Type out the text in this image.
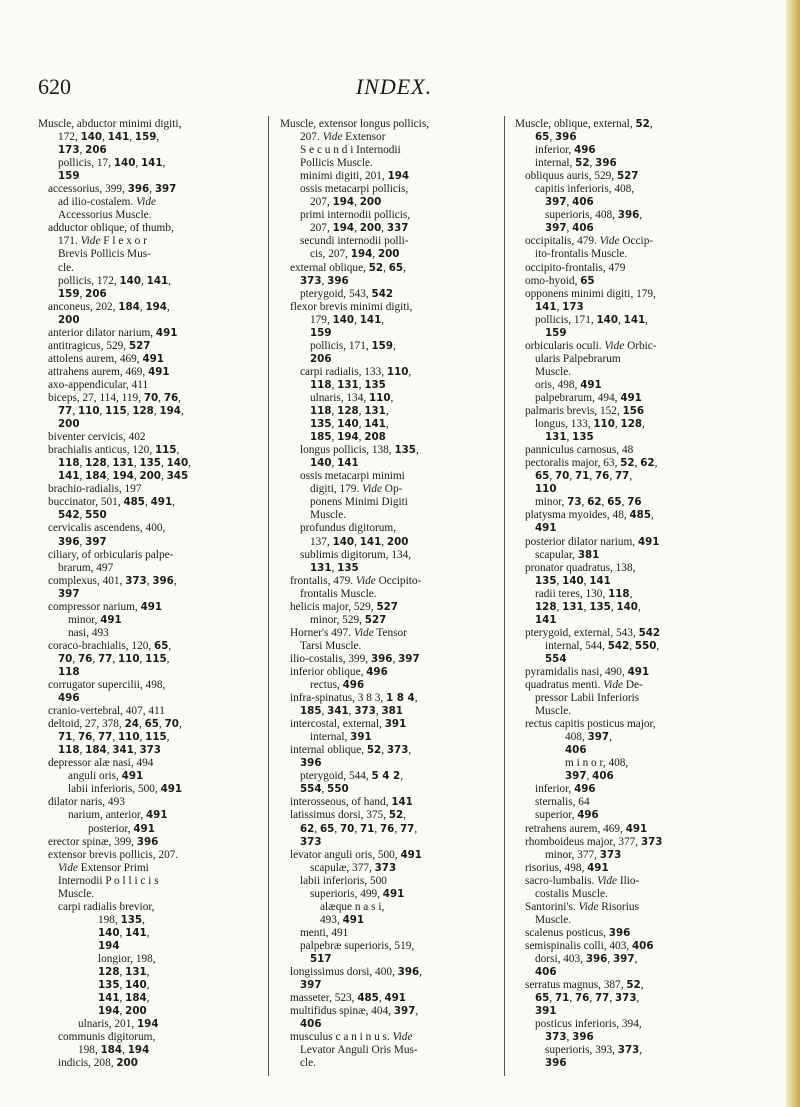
620	INDEX.
Muscle, abductor minimi digiti,
172, 140, 141, 159,
173, 206
pollicis, 17, 140, 141,
159
accessorius, 399, 396, 397
ad ilio-costalem. Vide
Accessorius Muscle.
adductor obliquе, of thumb,
171. Vide F l e x o r
Brevis Pollicis Mus-
cle.
pollicis, 172, 140, 141,
159, 206
anconeus, 202, 184, 194,
200
anterior dilator narium, 491
antitragicus, 529, 527
attolens aurem, 469, 491
attrahens aurem, 469, 491
axo-appendicular, 411
biceps, 27, 114, 119, 70, 76,
77, 110, 115, 128, 194,
200
biventer cervicis, 402
brachialis anticus, 120, 115,
118, 128, 131, 135, 140,
141, 184, 194, 200, 345
brachio-radialis, 197
buccinator, 501, 485, 491,
542, 550
cervicalis ascendens, 400,
396, 397
ciliary, of orbicularis palpe-
brarum, 497
complexus, 401, 373, 396,
397
compressor narium, 491
minor, 491
nasi, 493
coraco-brachialis, 120, 65,
70, 76, 77, 110, 115,
118
corrugator supercilii, 498,
496
cranio-vertebral, 407, 411
deltoid, 27, 378, 24, 65, 70,
71, 76, 77, 110, 115,
118, 184, 341, 373
depressor alæ nasi, 494
anguli oris, 491
labii inferioris, 500, 491
dilator naris, 493
narium, anterior, 491
posterior, 491
erector spinæ, 399, 396
extensor brevis pollicis, 207.
Vide Extensor Primi
Internodii P o l l i c i s
Muscle.
carpi radialis brevior,
198, 135,
140, 141,
194
longior, 198,
128, 131,
135, 140,
141, 184,
194, 200
ulnaris, 201, 194
communis digitorum,
198, 184, 194
indicis, 208, 200
Muscle, extensor longus pollicis,
207. Vide Extensor
S e c u n d i Internodii
Pollicis Muscle.
minimi digiti, 201, 194
ossis metacarpi pollicis,
207, 194, 200
primi internodii pollicis,
207, 194, 200, 337
secundi internodii polli-
cis, 207, 194, 200
external oblique, 52, 65,
373, 396
pterygoid, 543, 542
flexor brevis minimi digiti,
179, 140, 141,
159
pollicis, 171, 159,
206
carpi radialis, 133, 110,
118, 131, 135
ulnaris, 134, 110,
118, 128, 131,
135, 140, 141,
185, 194, 208
longus pollicis, 138, 135,
140, 141
ossis metacarpi minimi
digiti, 179. Vide Op-
ponens Minimi Digiti
Muscle.
profundus digitorum,
137, 140, 141, 200
sublimis digitorum, 134,
131, 135
frontalis, 479. Vide Occipito-
frontalis Muscle.
helicis major, 529, 527
minor, 529, 527
Horner's 497. Vide Tensor
Tarsi Muscle.
ilio-costalis, 399, 396, 397
inferior oblique, 496
rectus, 496
infra-spinatus, 3 8 3, 1 8 4,
185, 341, 373, 381
intercostal, external, 391
internal, 391
internal oblique, 52, 373,
396
pterygoid, 544, 5 4 2,
554, 550
interosseous, of hand, 141
latissimus dorsi, 375, 52,
62, 65, 70, 71, 76, 77,
373
levator anguli oris, 500, 491
scapulæ, 377, 373
labii inferioris, 500
superioris, 499, 491
alæque n a s i,
493, 491
menti, 491
palpebræ superioris, 519,
517
longissimus dorsi, 400, 396,
397
masseter, 523, 485, 491
multifidus spinæ, 404, 397,
406
musculus c a n i n u s. Vide
Levator Anguli Oris Mus-
cle.
Muscle, oblique, external, 52,
65, 396
inferior, 496
internal, 52, 396
obliquus auris, 529, 527
capitis inferioris, 408,
397, 406
superioris, 408, 396,
397, 406
occipitalis, 479. Vide Occip-
ito-frontalis Muscle.
occipito-frontalis, 479
omo-hyoid, 65
opponens minimi digiti, 179,
141, 173
pollicis, 171, 140, 141,
159
orbicularis oculi. Vide Orbic-
ularis Palpebrarum
Muscle.
oris, 498, 491
palpebrarum, 494, 491
palmaris brevis, 152, 156
longus, 133, 110, 128,
131, 135
panniculus carnosus, 48
pectoralis major, 63, 52, 62,
65, 70, 71, 76, 77,
110
minor, 73, 62, 65, 76
platysma myoides, 48, 485,
491
posterior dilator narium, 491
scapular, 381
pronator quadratus, 138,
135, 140, 141
radii teres, 130, 118,
128, 131, 135, 140,
141
pterygoid, external, 543, 542
internal, 544, 542, 550,
554
pyramidalis nasi, 490, 491
quadratus menti. Vide De-
pressor Labii Inferioris
Muscle.
rectus capitis posticus major,
408, 397,
406
m i n o r, 408,
397, 406
inferior, 496
sternalis, 64
superior, 496
retrahens aurem, 469, 491
rhomboideus major, 377, 373
minor, 377, 373
risorius, 498, 491
sacro-lumbalis. Vide Ilio-
costalis Muscle.
Santorini's. Vide Risorius
Muscle.
scalenus posticus, 396
semispinalis colli, 403, 406
dorsi, 403, 396, 397,
406
serratus magnus, 387, 52,
65, 71, 76, 77, 373,
391
posticus inferioris, 394,
373, 396
superioris, 393, 373,
396
